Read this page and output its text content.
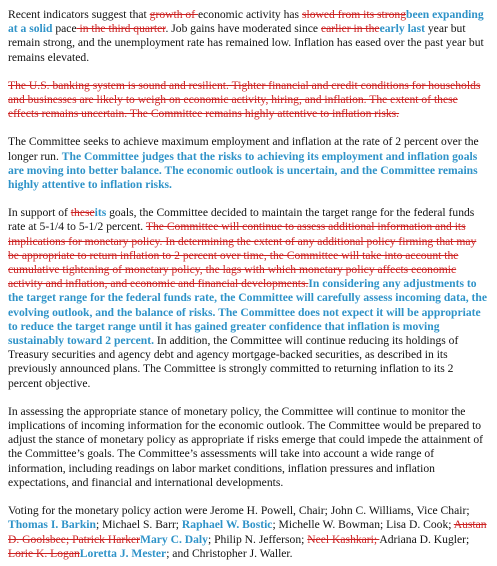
Recent indicators suggest that growth of economic activity has slowed from its strongbeen expanding at a solid pace in the third quarter. Job gains have moderated since earlier in theearly last year but remain strong, and the unemployment rate has remained low. Inflation has eased over the past year but remains elevated.

The U.S. banking system is sound and resilient. Tighter financial and credit conditions for households and businesses are likely to weigh on economic activity, hiring, and inflation. The extent of these effects remains uncertain. The Committee remains highly attentive to inflation risks.

The Committee seeks to achieve maximum employment and inflation at the rate of 2 percent over the longer run. The Committee judges that the risks to achieving its employment and inflation goals are moving into better balance. The economic outlook is uncertain, and the Committee remains highly attentive to inflation risks.

In support of theseits goals, the Committee decided to maintain the target range for the federal funds rate at 5-1/4 to 5-1/2 percent. The Committee will continue to assess additional information and its implications for monetary policy. In determining the extent of any additional policy firming that may be appropriate to return inflation to 2 percent over time, the Committee will take into account the cumulative tightening of monetary policy, the lags with which monetary policy affects economic activity and inflation, and economic and financial developments.In considering any adjustments to the target range for the federal funds rate, the Committee will carefully assess incoming data, the evolving outlook, and the balance of risks. The Committee does not expect it will be appropriate to reduce the target range until it has gained greater confidence that inflation is moving sustainably toward 2 percent. In addition, the Committee will continue reducing its holdings of Treasury securities and agency debt and agency mortgage-backed securities, as described in its previously announced plans. The Committee is strongly committed to returning inflation to its 2 percent objective.

In assessing the appropriate stance of monetary policy, the Committee will continue to monitor the implications of incoming information for the economic outlook. The Committee would be prepared to adjust the stance of monetary policy as appropriate if risks emerge that could impede the attainment of the Committee’s goals. The Committee’s assessments will take into account a wide range of information, including readings on labor market conditions, inflation pressures and inflation expectations, and financial and international developments.

Voting for the monetary policy action were Jerome H. Powell, Chair; John C. Williams, Vice Chair; Thomas I. Barkin; Michael S. Barr; Raphael W. Bostic; Michelle W. Bowman; Lisa D. Cook; Austan D. Goolsbee; Patrick HarkerMary C. Daly; Philip N. Jefferson; Neel Kashkari; Adriana D. Kugler; Lorie K. LoganLoretta J. Mester; and Christopher J. Waller.
